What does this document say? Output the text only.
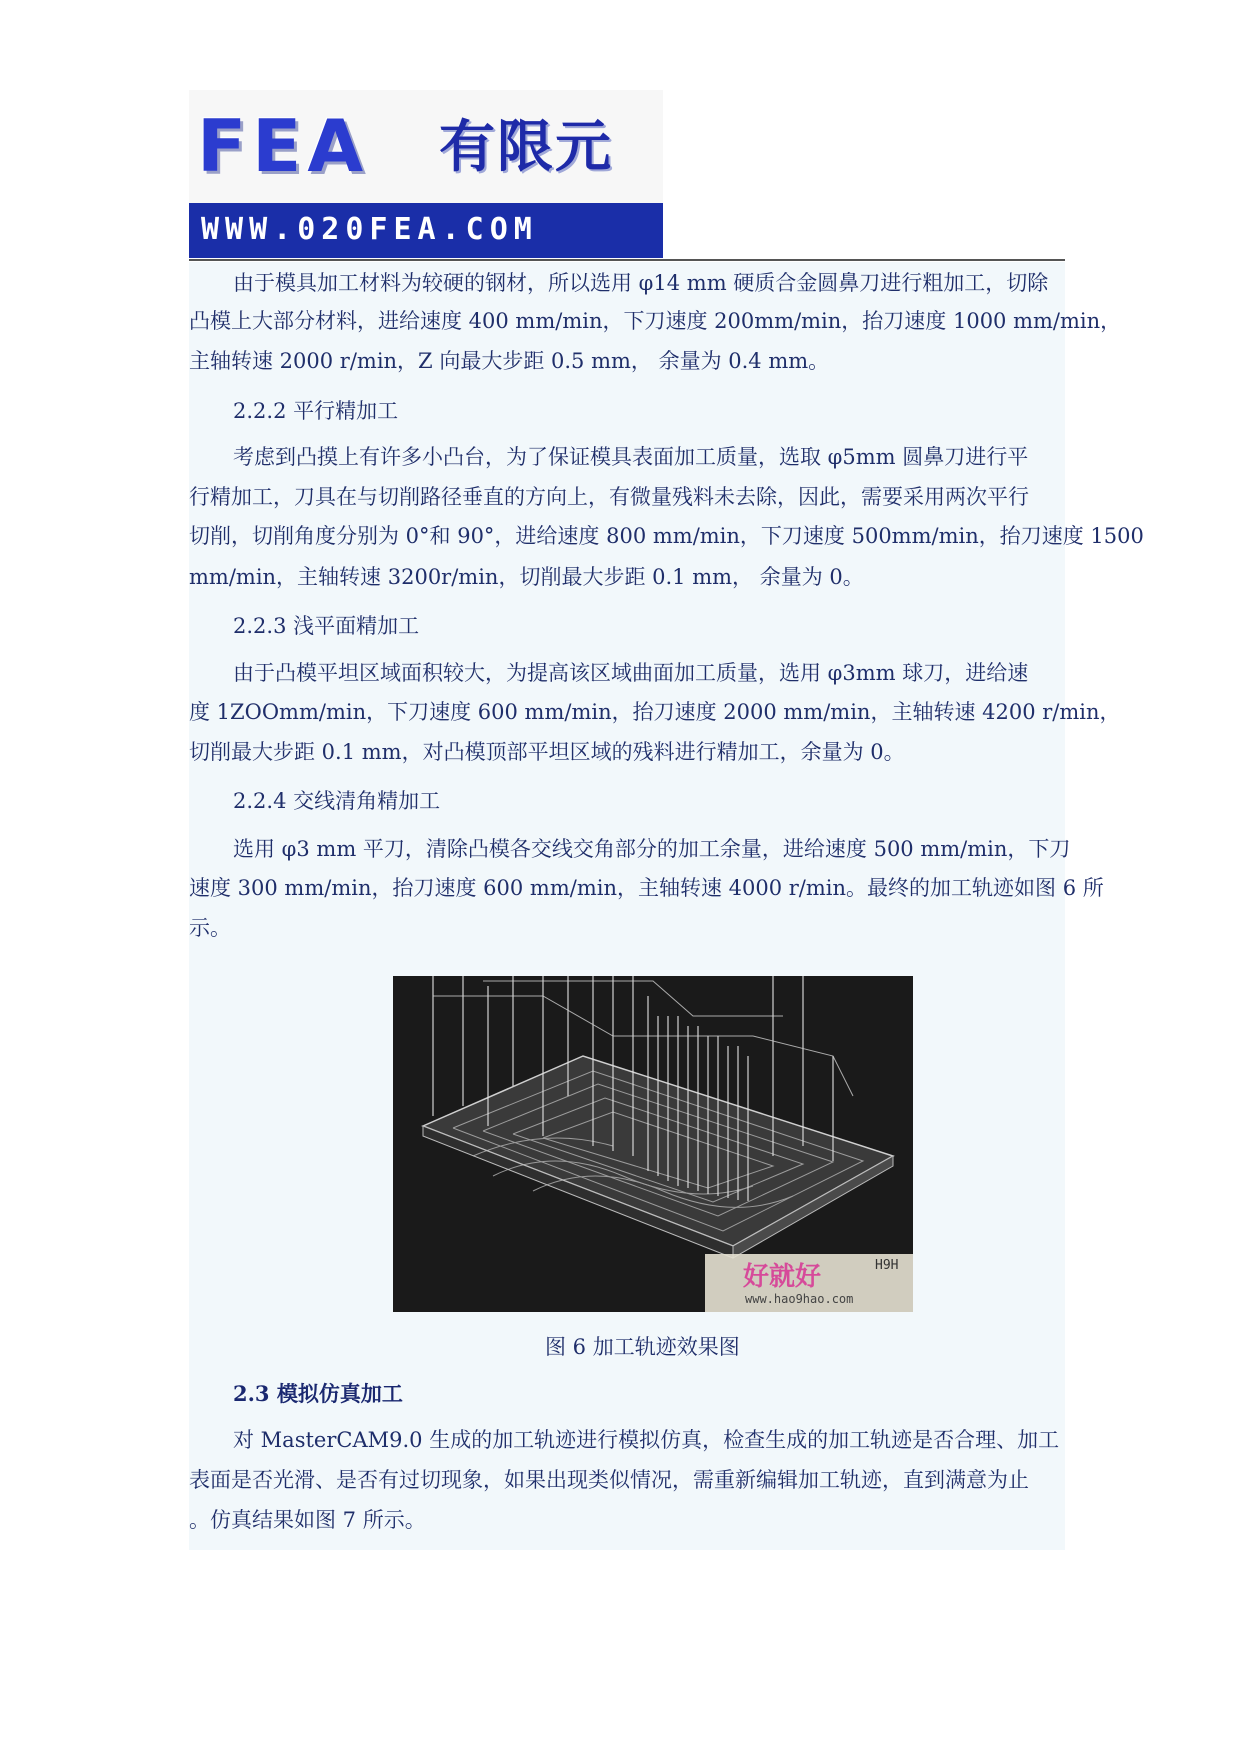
FEA 有限元
WWW.020FEA.COM
由于模具加工材料为较硬的钢材，所以选用 φ14 mm 硬质合金圆鼻刀进行粗加工，切除
凸模上大部分材料，进给速度 400 mm/min，下刀速度 200mm/min，抬刀速度 1000 mm/min，
主轴转速 2000 r/min，Z 向最大步距 0.5 mm， 余量为 0.4 mm。
2.2.2 平行精加工
考虑到凸摸上有许多小凸台，为了保证模具表面加工质量，选取 φ5mm 圆鼻刀进行平
行精加工，刀具在与切削路径垂直的方向上，有微量残料未去除，因此，需要采用两次平行
切削，切削角度分别为 0°和 90°，进给速度 800 mm/min，下刀速度 500mm/min，抬刀速度 1500
mm/min，主轴转速 3200r/min，切削最大步距 0.1 mm， 余量为 0。
2.2.3 浅平面精加工
由于凸模平坦区域面积较大，为提高该区域曲面加工质量，选用 φ3mm 球刀，进给速
度 1ZOOmm/min，下刀速度 600 mm/min，抬刀速度 2000 mm/min，主轴转速 4200 r/min，
切削最大步距 0.1 mm，对凸模顶部平坦区域的残料进行精加工，余量为 0。
2.2.4 交线清角精加工
选用 φ3 mm 平刀，清除凸模各交线交角部分的加工余量，进给速度 500 mm/min，下刀
速度 300 mm/min，抬刀速度 600 mm/min，主轴转速 4000 r/min。最终的加工轨迹如图 6 所
示。
图 6 加工轨迹效果图
2.3 模拟仿真加工
对 MasterCAM9.0 生成的加工轨迹进行模拟仿真，检查生成的加工轨迹是否合理、加工
表面是否光滑、是否有过切现象，如果出现类似情况，需重新编辑加工轨迹，直到满意为止
。仿真结果如图 7 所示。
好就好
www.hao9hao.com
H9H
